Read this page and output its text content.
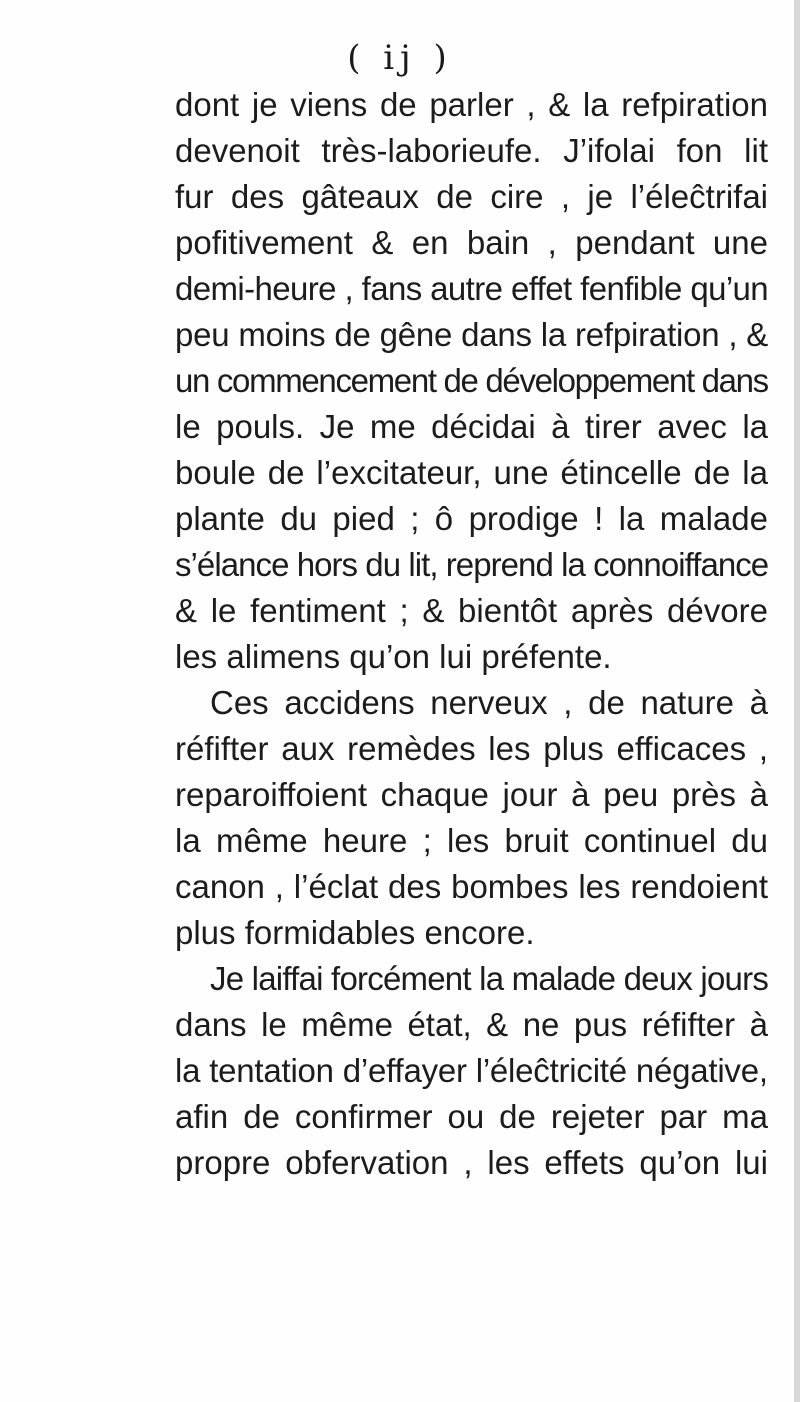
( ij )
dont je viens de parler , & la refpiration
devenoit très-laborieufe. J’ifolai fon lit
fur des gâteaux de cire , je l’éleĉtrifai
pofitivement & en bain , pendant une
demi-heure , fans autre effet fenfible qu’un
peu moins de gêne dans la refpiration , &
un commencement de développement dans
le pouls. Je me décidai à tirer avec la
boule de l’excitateur, une étincelle de la
plante du pied ; ô prodige ! la malade
s’élance hors du lit, reprend la connoiffance
& le fentiment ; & bientôt après dévore
les alimens qu’on lui préfente.
Ces accidens nerveux , de nature à
réfifter aux remèdes les plus efficaces ,
reparoiffoient chaque jour à peu près à
la même heure ; les bruit continuel du
canon , l’éclat des bombes les rendoient
plus formidables encore.
Je laiffai forcément la malade deux jours
dans le même état, & ne pus réfifter à
la tentation d’effayer l’éleĉtricité négative,
afin de confirmer ou de rejeter par ma
propre obfervation , les effets qu’on lui
